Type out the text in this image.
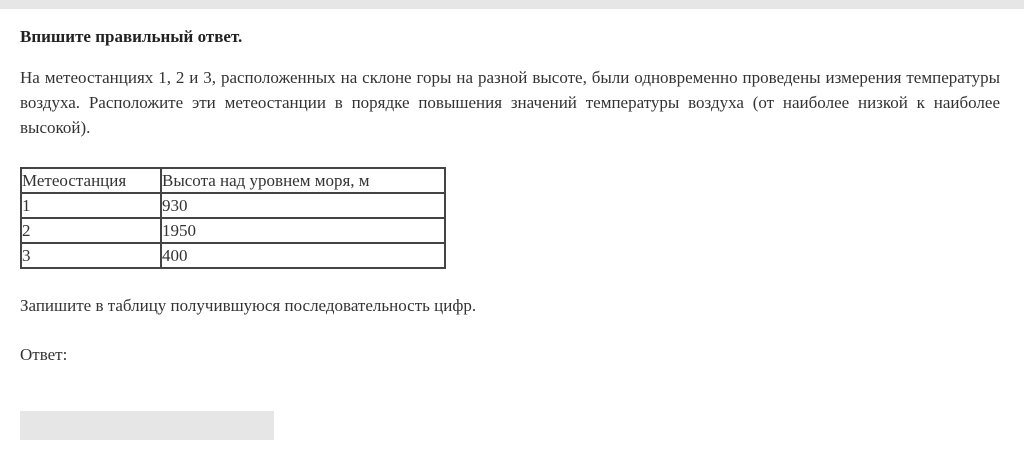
Впишите правильный ответ.

На метеостанциях 1, 2 и 3, расположенных на склоне горы на разной высоте, были одновременно проведены измерения температуры воздуха. Расположите эти метеостанции в порядке повышения значений температуры воздуха (от наиболее низкой к наиболее высокой).

Метеостанция	Высота над уровнем моря, м
1	930
2	1950
3	400

Запишите в таблицу получившуюся последовательность цифр.

Ответ:
